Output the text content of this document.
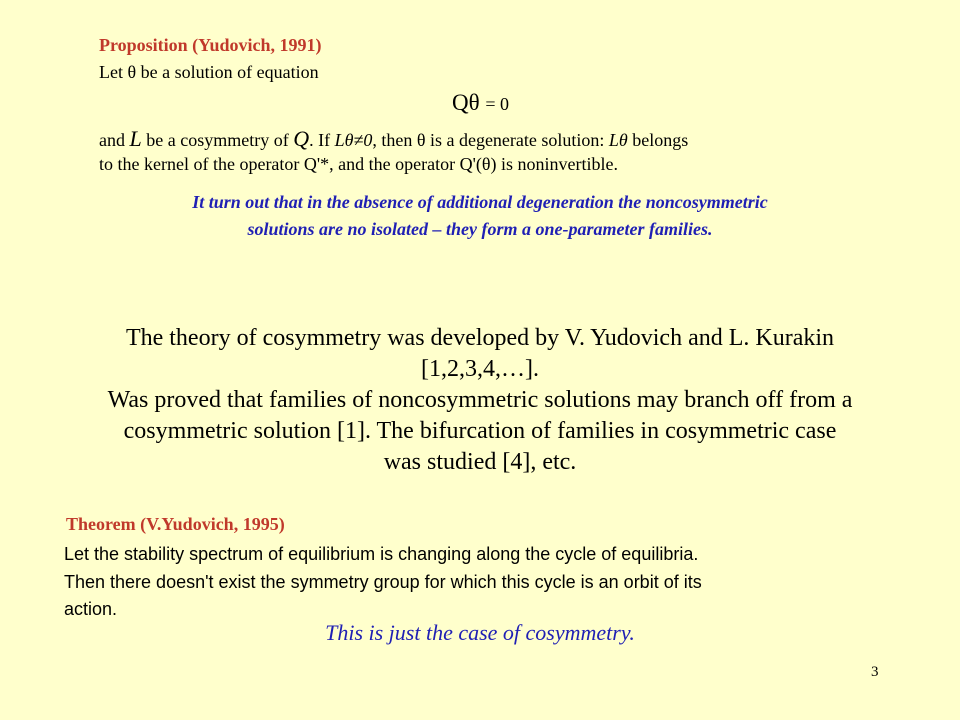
Proposition (Yudovich, 1991)
Let θ be a solution of equation
Qθ = 0
and L be a cosymmetry of Q. If Lθ≠0, then θ is a degenerate solution: Lθ belongs
to the kernel of the operator Q'*, and the operator Q'(θ) is noninvertible.
It turn out that in the absence of additional degeneration the noncosymmetric
solutions are no isolated – they form a one-parameter families.
The theory of cosymmetry was developed by V. Yudovich and L. Kurakin
[1,2,3,4,…].
Was proved that families of noncosymmetric solutions may branch off from a
cosymmetric solution [1]. The bifurcation of families in cosymmetric case
was studied [4], etc.
Theorem (V.Yudovich, 1995)
Let the stability spectrum of equilibrium is changing along the cycle of equilibria.
Then there doesn't exist the symmetry group for which this cycle is an orbit of its
action.
This is just the case of cosymmetry.
3
